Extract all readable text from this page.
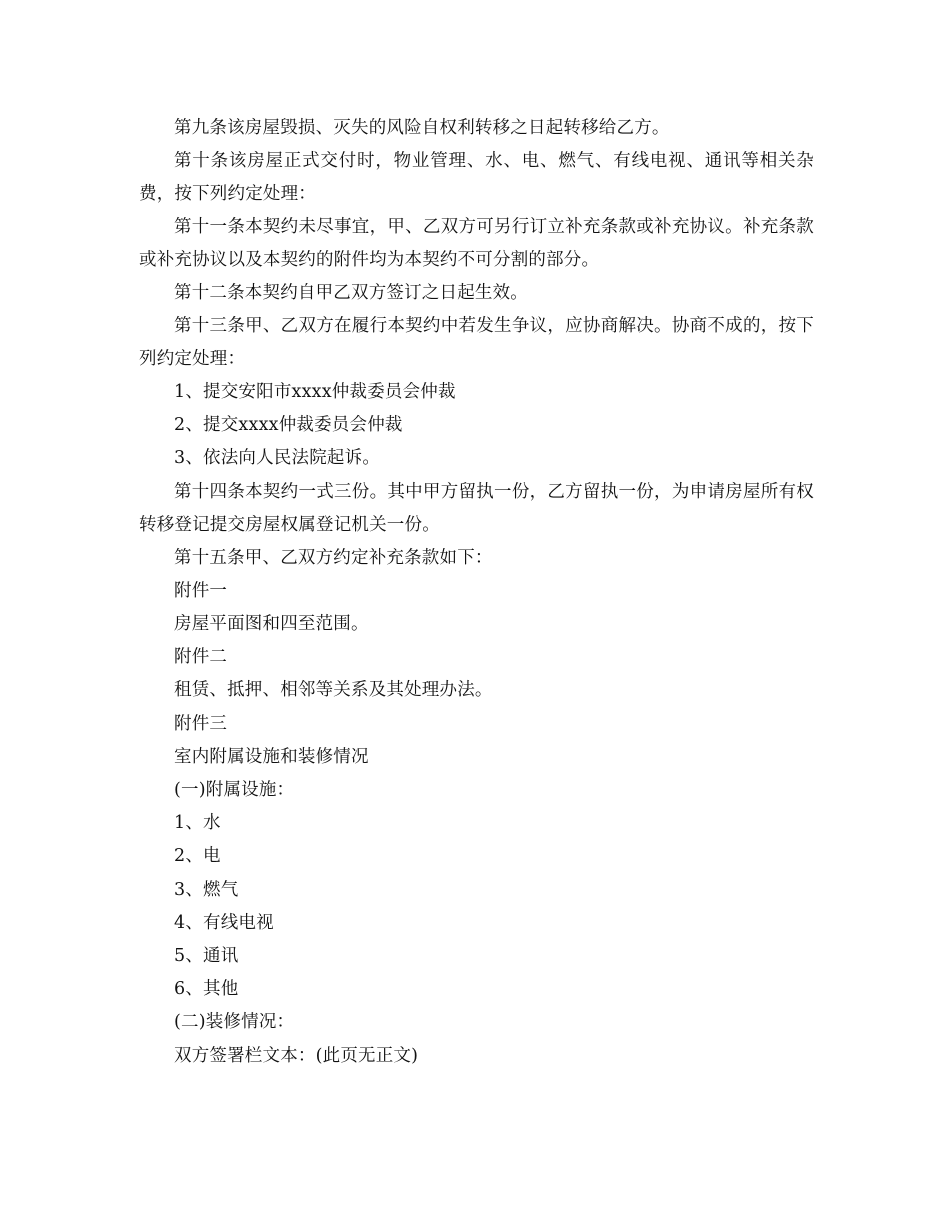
第九条该房屋毁损、灭失的风险自权利转移之日起转移给乙方。
第十条该房屋正式交付时，物业管理、水、电、燃气、有线电视、通讯等相关杂费，按下列约定处理：
第十一条本契约未尽事宜，甲、乙双方可另行订立补充条款或补充协议。补充条款或补充协议以及本契约的附件均为本契约不可分割的部分。
第十二条本契约自甲乙双方签订之日起生效。
第十三条甲、乙双方在履行本契约中若发生争议，应协商解决。协商不成的，按下列约定处理：
1、提交安阳市xxxx仲裁委员会仲裁
2、提交xxxx仲裁委员会仲裁
3、依法向人民法院起诉。
第十四条本契约一式三份。其中甲方留执一份，乙方留执一份，为申请房屋所有权转移登记提交房屋权属登记机关一份。
第十五条甲、乙双方约定补充条款如下：
附件一
房屋平面图和四至范围。
附件二
租赁、抵押、相邻等关系及其处理办法。
附件三
室内附属设施和装修情况
(一)附属设施：
1、水
2、电
3、燃气
4、有线电视
5、通讯
6、其他
(二)装修情况：
双方签署栏文本：(此页无正文)
